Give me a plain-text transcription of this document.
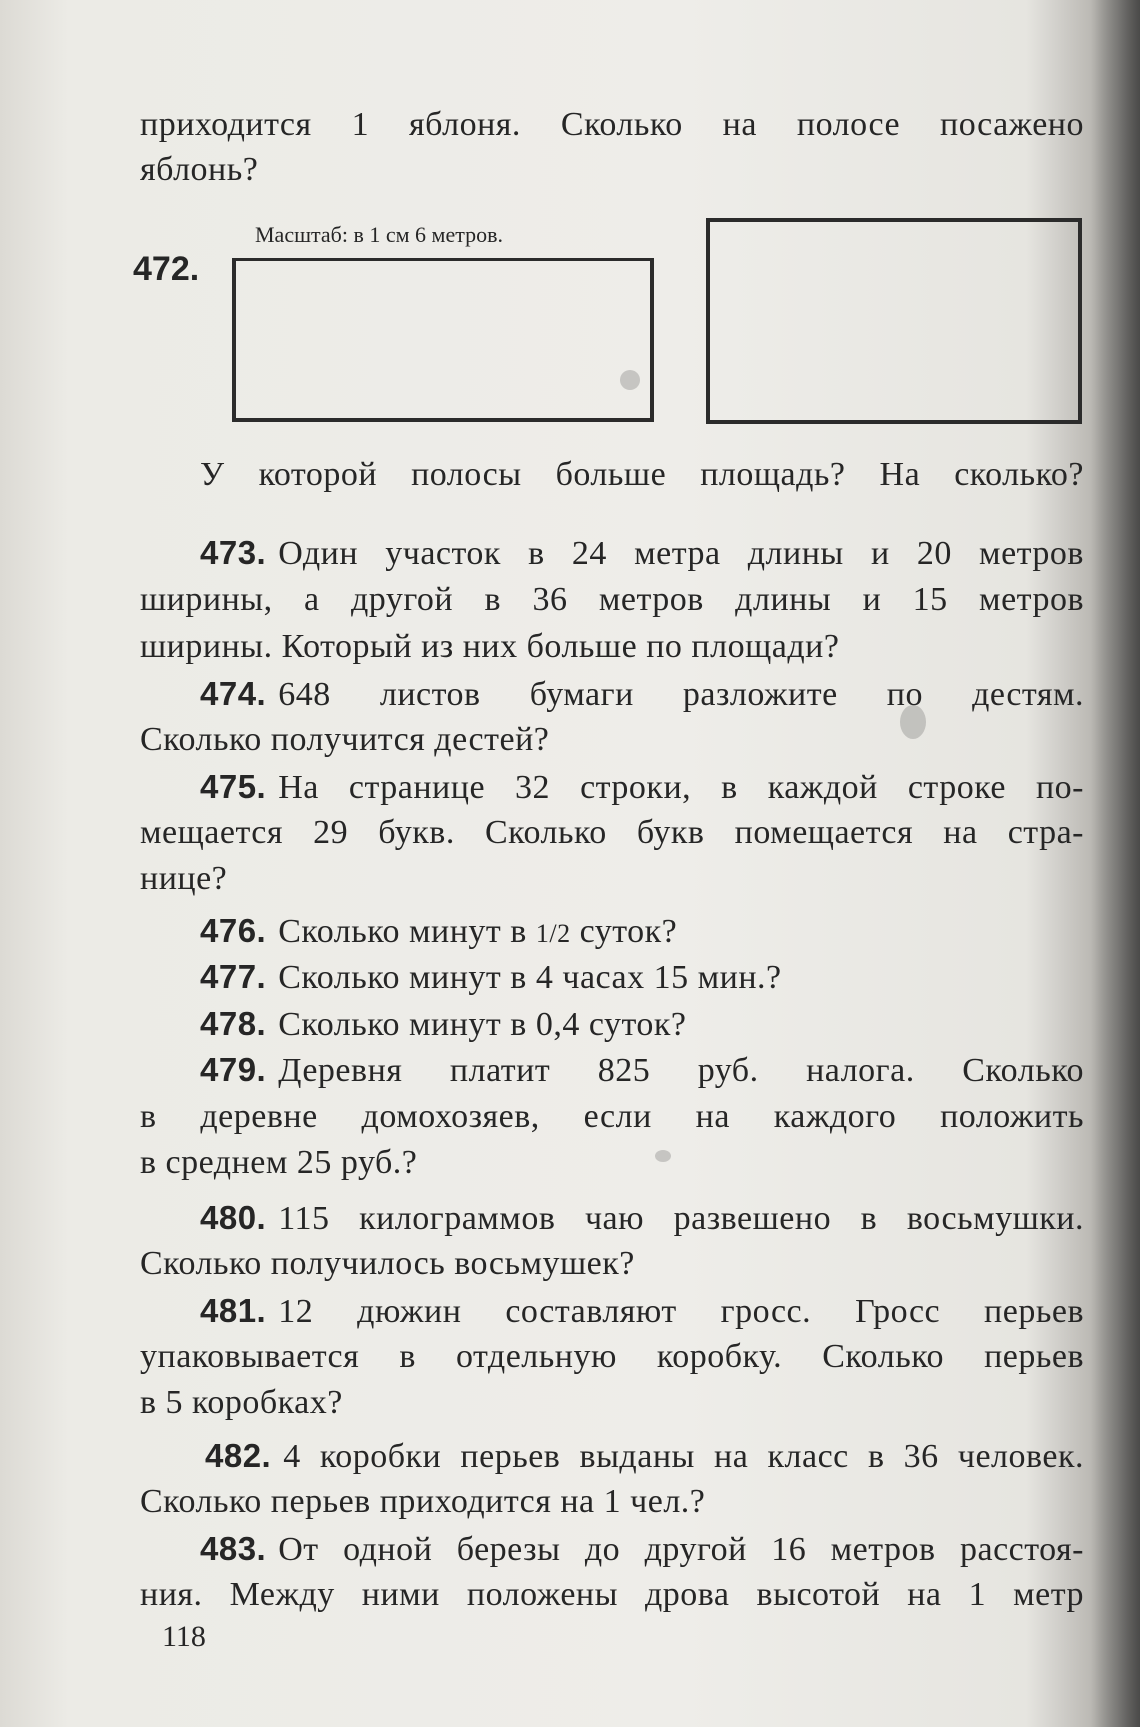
приходится 1 яблоня. Сколько на полосе посажено
яблонь?
472.
Масштаб: в 1 см 6 метров.
У которой полосы больше площадь? На сколько?
473. Один участок в 24 метра длины и 20 метров
ширины, а другой в 36 метров длины и 15 метров
ширины. Который из них больше по площади?
474. 648 листов бумаги разложите по дестям.
Сколько получится дестей?
475. На странице 32 строки, в каждой строке по-
мещается 29 букв. Сколько букв помещается на стра-
нице?
476. Сколько минут в 1/2 суток?
477. Сколько минут в 4 часах 15 мин.?
478. Сколько минут в 0,4 суток?
479. Деревня платит 825 руб. налога. Сколько
в деревне домохозяев, если на каждого положить
в среднем 25 руб.?
480. 115 килограммов чаю развешено в восьмушки.
Сколько получилось восьмушек?
481. 12 дюжин составляют гросс. Гросс перьев
упаковывается в отдельную коробку. Сколько перьев
в 5 коробках?
482. 4 коробки перьев выданы на класс в 36 человек.
Сколько перьев приходится на 1 чел.?
483. От одной березы до другой 16 метров расстоя-
ния. Между ними положены дрова высотой на 1 метр
118
